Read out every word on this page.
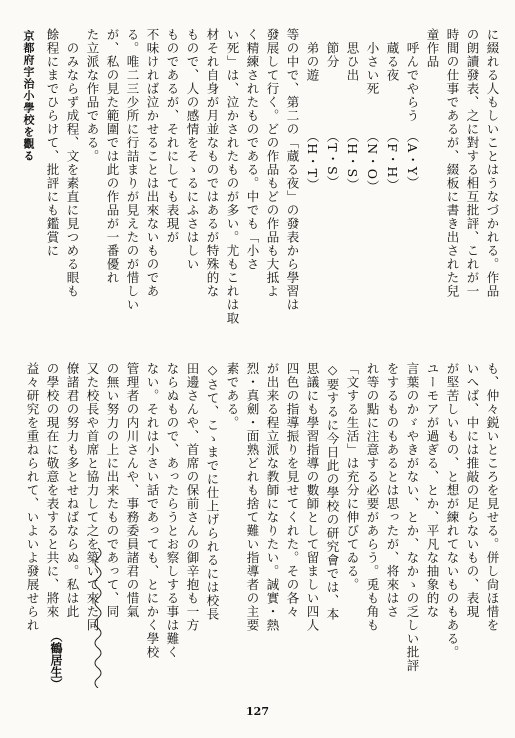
京都府宇治小學校を觀る	に綴れる人もしいことはうなづかれる。作品
の朗讀發表、之に對する相互批評、これが一
時間の仕事であるが、綴板に書き出された兒
童作品
　呼んでやらう　（A・Y）
　蔵る夜　　　　（F・H）
　小さい死　　　（N・O）
　思ひ出　　　　（H・S）
　節分　　　　　（T・S）
　弟の遊　　　　（H・T）
等の中で、第二の「蔵る夜」の發表から學習は
發展して行く。どの作品もどの作品も大抵よ
く精練されたものである。中でも「小さ
い死」は、泣かされたものが多い。尤もこれは取
材それ自身が月並なものではあるが特殊的な
もので、人の感情をそゝるにふさはしい
ものであるが、それにしても表現が
不味ければ泣かせることは出來ないものであ
る。唯二三少所に行詰まりが見えたのが惜しい
が、私の見た範圍では此の作品が一番優れ
た立派な作品である。
　のみならず成程、文を素直に見つめる眼も
餘程にまでひらけて、批評にも鑑賞に
も、仲々鋭いところを見せる。併し尙ほ惜を
いへば、中には推敲の足らないもの、表現
が堅苦しいもの、と想が練れてないものもある。
ユーモアが過ぎる、とか、平凡な抽象的な
言葉のかゞやきがない、とか、なかゝの乏しい批評
をするものもあるとは思ったが、将來はさ
れ等の點に注意する必要があらう。兎も角も
「文する生活」は充分に伸びてゐる。
◇要するに今日此の學校の研究會では、本
思議にも學習指導の數師として留ましい四人
四色の指導振りを見せてくれた。その各々
が出来る程立派な教師になりたい。誠實・熱
烈・真劍・面熟どれも捨て難い指導者の主要
素である。
◇さて、こゝまでに仕上げられるには校長
田邊さんや、首席の保前さんの御辛抱も一方
ならぬもので、あったらうとお察しする事は難く
ない。それは小さい話であっても、とにかく學校
管理者の内川さんや、事務委員諸君の惜氣
の無い努力の上に出来たものであって、同
又た校長や首席と協力して之を築いて來た同
僚諸君の努力も多とせねばならぬ。私は此
の學校の現在に敬意を表すると共に、將來
益々研究を重ねられて、いよいよ發展せられ
（鶴居生）
127
